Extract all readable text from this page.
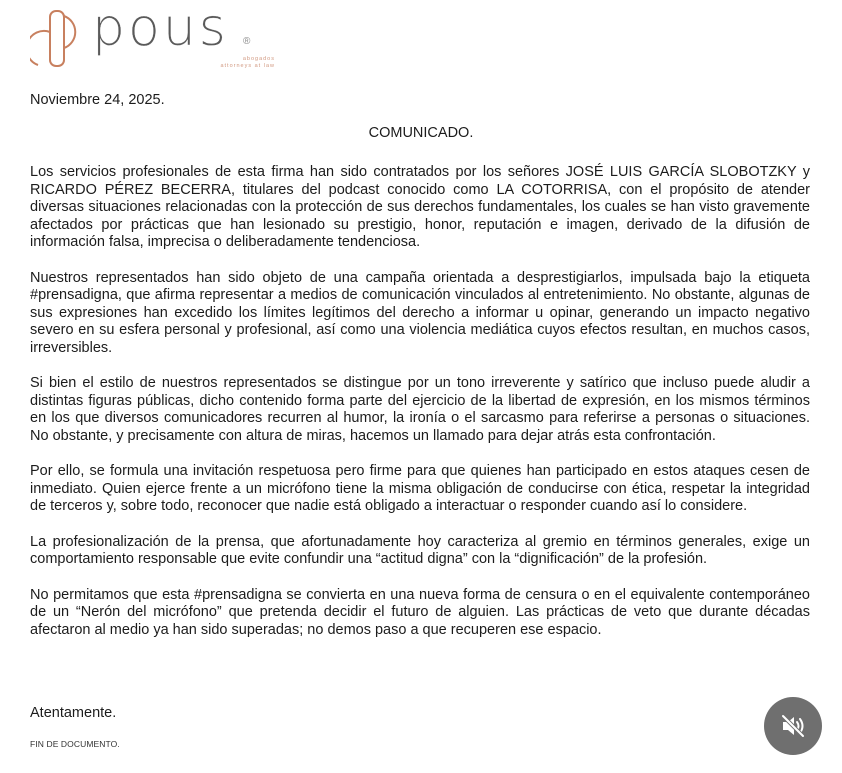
pous ®
abogados
attorneys at law
Noviembre 24, 2025.
COMUNICADO.

Los servicios profesionales de esta firma han sido contratados por los señores JOSÉ LUIS GARCÍA SLOBOTZKY y RICARDO PÉREZ BECERRA, titulares del podcast conocido como LA COTORRISA, con el propósito de atender diversas situaciones relacionadas con la protección de sus derechos fundamentales, los cuales se han visto gravemente afectados por prácticas que han lesionado su prestigio, honor, reputación e imagen, derivado de la difusión de información falsa, imprecisa o deliberadamente tendenciosa.

Nuestros representados han sido objeto de una campaña orientada a desprestigiarlos, impulsada bajo la etiqueta #prensadigna, que afirma representar a medios de comunicación vinculados al entretenimiento. No obstante, algunas de sus expresiones han excedido los límites legítimos del derecho a informar u opinar, generando un impacto negativo severo en su esfera personal y profesional, así como una violencia mediática cuyos efectos resultan, en muchos casos, irreversibles.

Si bien el estilo de nuestros representados se distingue por un tono irreverente y satírico que incluso puede aludir a distintas figuras públicas, dicho contenido forma parte del ejercicio de la libertad de expresión, en los mismos términos en los que diversos comunicadores recurren al humor, la ironía o el sarcasmo para referirse a personas o situaciones. No obstante, y precisamente con altura de miras, hacemos un llamado para dejar atrás esta confrontación.

Por ello, se formula una invitación respetuosa pero firme para que quienes han participado en estos ataques cesen de inmediato. Quien ejerce frente a un micrófono tiene la misma obligación de conducirse con ética, respetar la integridad de terceros y, sobre todo, reconocer que nadie está obligado a interactuar o responder cuando así lo considere.

La profesionalización de la prensa, que afortunadamente hoy caracteriza al gremio en términos generales, exige un comportamiento responsable que evite confundir una “actitud digna” con la “dignificación” de la profesión.

No permitamos que esta #prensadigna se convierta en una nueva forma de censura o en el equivalente contemporáneo de un “Nerón del micrófono” que pretenda decidir el futuro de alguien. Las prácticas de veto que durante décadas afectaron al medio ya han sido superadas; no demos paso a que recuperen ese espacio.

Atentamente.
FIN DE DOCUMENTO.
